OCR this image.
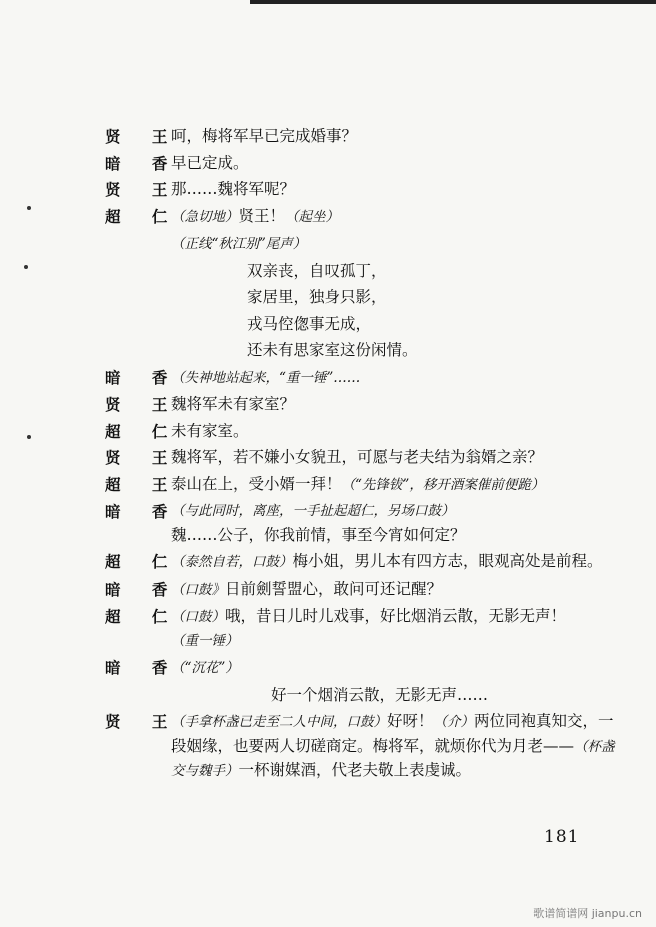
贤 王
呵，梅将军早已完成婚事？
暗 香
早已定成。
贤 王
那……魏将军呢？
超 仁
（急切地）贤王！（起坐）
（正线“秋江别”尾声）
双亲丧，自叹孤丁，
家居里，独身只影，
戎马倥偬事无成，
还未有思家室这份闲情。
暗 香
（失神地站起来，“重一锤”……
贤 王
魏将军未有家室？
超 仁
未有家室。
贤 王
魏将军，若不嫌小女貌丑，可愿与老夫结为翁婿之亲？
超 王
泰山在上，受小婿一拜！（“先锋钹”，移开酒案催前便跪）
暗 香
（与此同时，离座，一手扯起超仁，另场口鼓）
魏……公子，你我前情，事至今宵如何定？
超 仁
（泰然自若，口鼓）梅小姐，男儿本有四方志，眼观高处是前程。
暗 香
（口鼓》日前劍誓盟心，敢问可还记醒？
超 仁
（口鼓）哦，昔日儿时儿戏事，好比烟消云散，无影无声！
（重一锤）
暗 香
（“沉花”）
好一个烟消云散，无影无声……
贤 王
（手拿杯盏已走至二人中间，口鼓）好呀！（介）两位同袍真知交，一段姻缘，也要两人切磋商定。梅将军，就烦你代为月老——（杯盏交与魏手）一杯谢媒酒，代老夫敬上表虔诚。
181
歌谱简谱网 jianpu.cn
